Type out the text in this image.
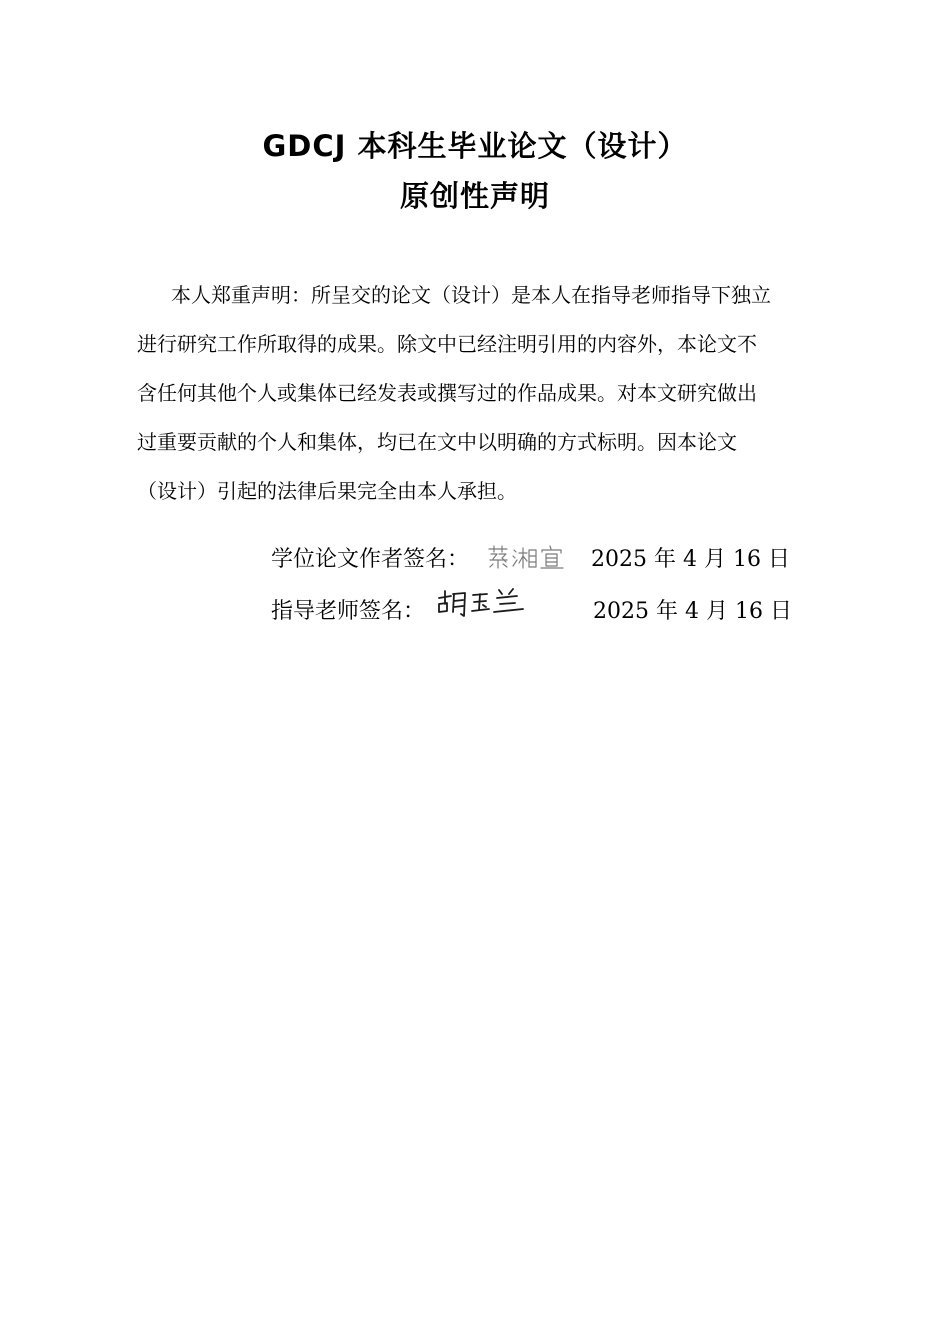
GDCJ 本科生毕业论文（设计）
原创性声明
本人郑重声明：所呈交的论文（设计）是本人在指导老师指导下独立
进行研究工作所取得的成果。除文中已经注明引用的内容外，本论文不
含任何其他个人或集体已经发表或撰写过的作品成果。对本文研究做出
过重要贡献的个人和集体，均已在文中以明确的方式标明。因本论文
（设计）引起的法律后果完全由本人承担。
学位论文作者签名：	2025 年 4 月 16 日
指导老师签名：	2025 年 4 月 16 日
